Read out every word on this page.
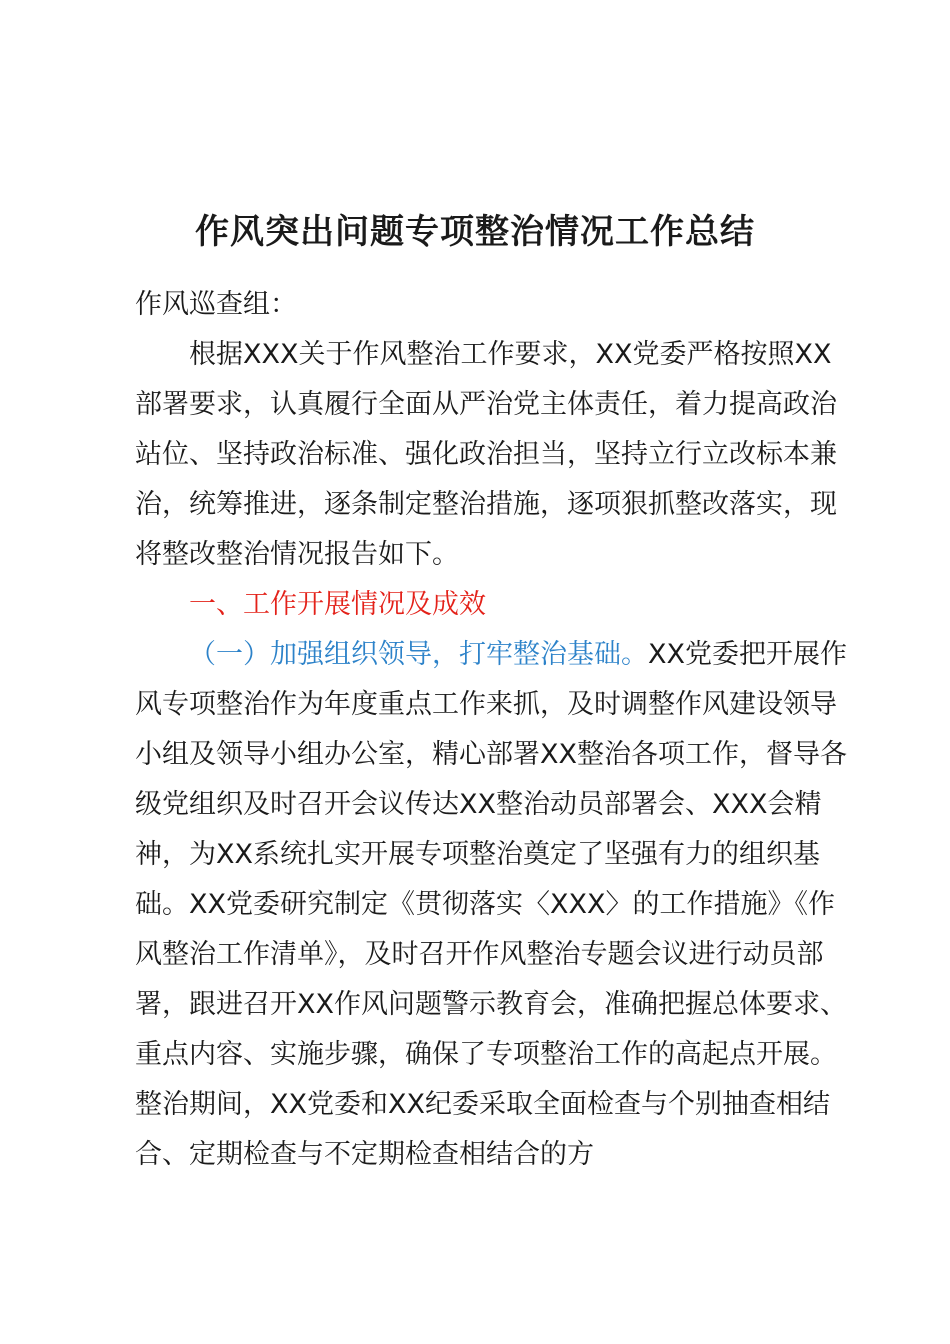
作风突出问题专项整治情况工作总结

作风巡查组：

根据XXX关于作风整治工作要求，XX党委严格按照XX部署要求，认真履行全面从严治党主体责任，着力提高政治站位、坚持政治标准、强化政治担当，坚持立行立改标本兼治，统筹推进，逐条制定整治措施，逐项狠抓整改落实，现将整改整治情况报告如下。

一、工作开展情况及成效

（一）加强组织领导，打牢整治基础。XX党委把开展作风专项整治作为年度重点工作来抓，及时调整作风建设领导小组及领导小组办公室，精心部署XX整治各项工作，督导各级党组织及时召开会议传达XX整治动员部署会、XXX会精神，为XX系统扎实开展专项整治奠定了坚强有力的组织基础。XX党委研究制定《贯彻落实〈XXX〉的工作措施》《作风整治工作清单》，及时召开作风整治专题会议进行动员部署，跟进召开XX作风问题警示教育会，准确把握总体要求、重点内容、实施步骤，确保了专项整治工作的高起点开展。整治期间，XX党委和XX纪委采取全面检查与个别抽查相结合、定期检查与不定期检查相结合的方
